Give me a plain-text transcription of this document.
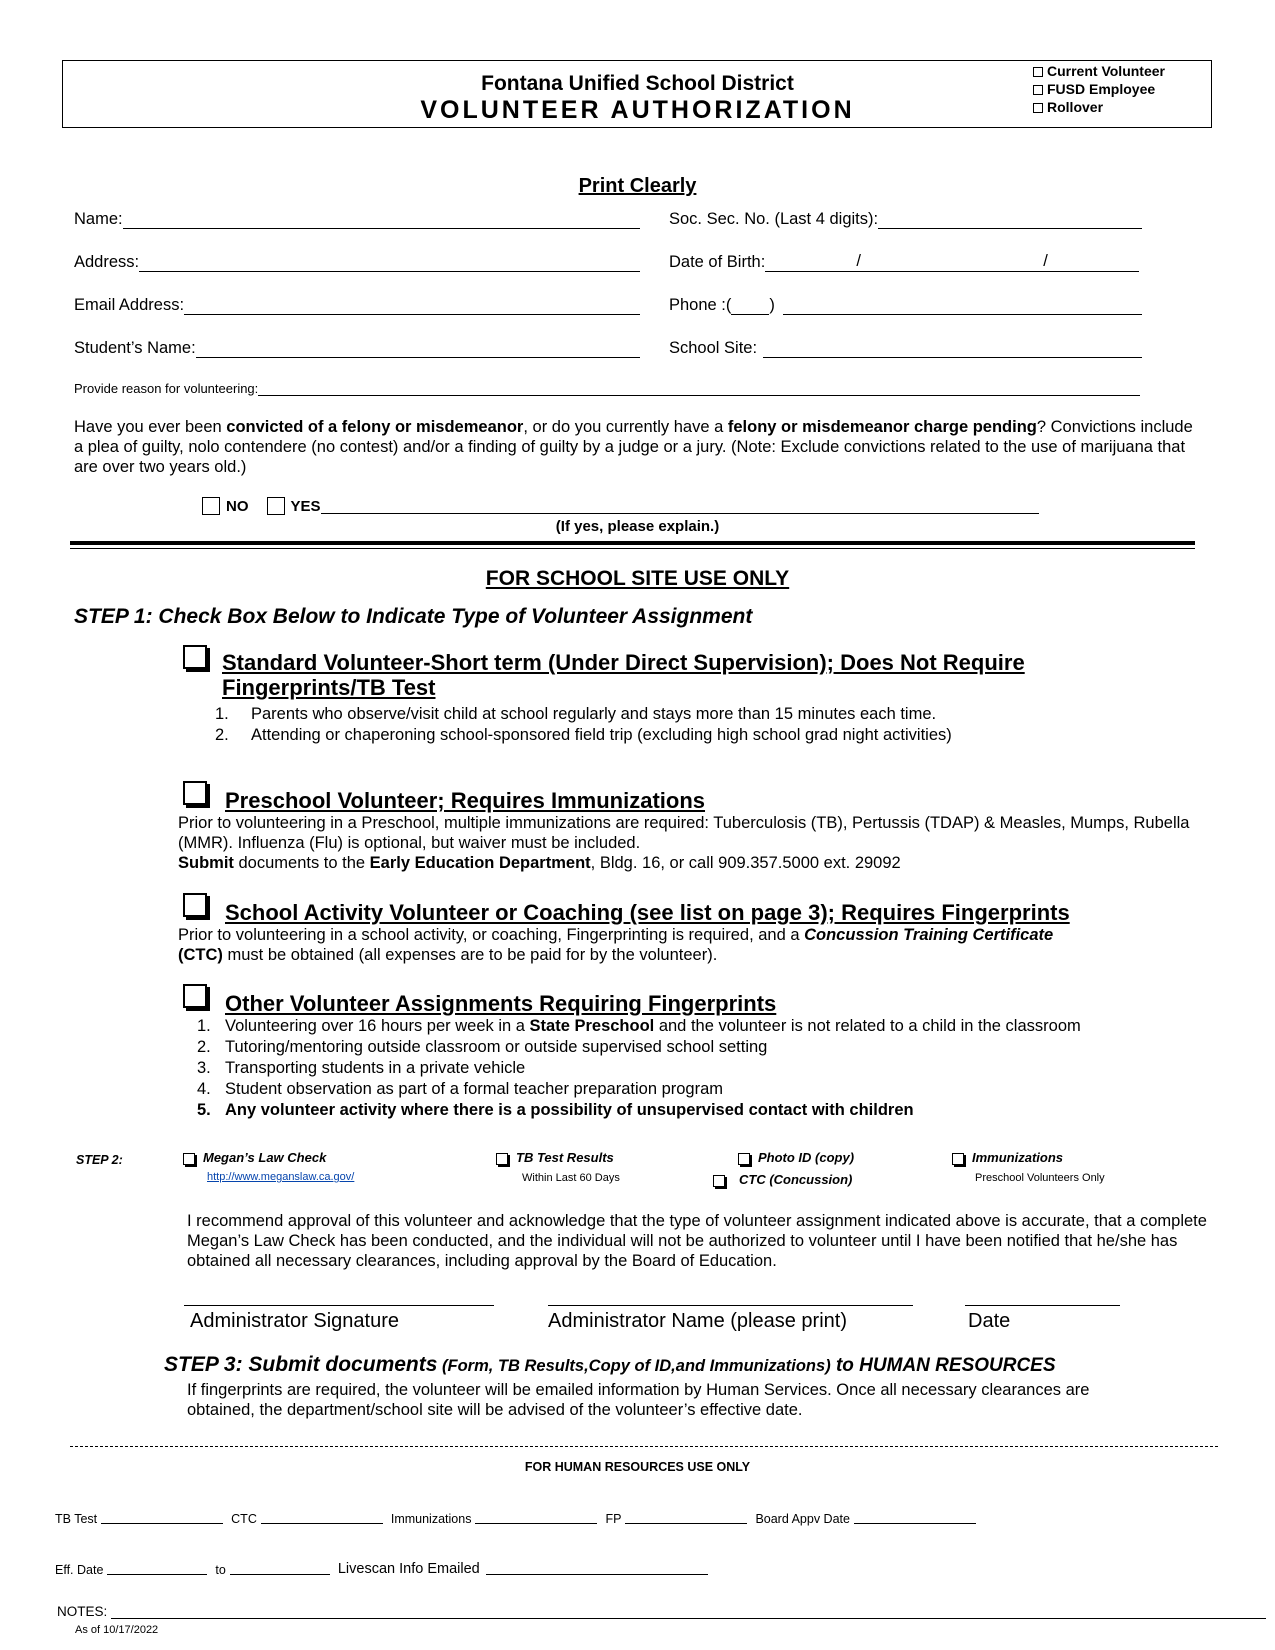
Fontana Unified School District
VOLUNTEER AUTHORIZATION
Current Volunteer
FUSD Employee
Rollover
Print Clearly
Name:	Soc. Sec. No. (Last 4 digits):
Address:	Date of Birth:	/	/
Email Address:	Phone :( )
Student’s Name:	School Site:
Provide reason for volunteering:
Have you ever been convicted of a felony or misdemeanor, or do you currently have a felony or misdemeanor charge pending? Convictions include a plea of guilty, nolo contendere (no contest) and/or a finding of guilty by a judge or a jury. (Note: Exclude convictions related to the use of marijuana that are over two years old.)
NO	YES
(If yes, please explain.)
FOR SCHOOL SITE USE ONLY
STEP 1: Check Box Below to Indicate Type of Volunteer Assignment
Standard Volunteer-Short term (Under Direct Supervision); Does Not Require
Fingerprints/TB Test
1. Parents who observe/visit child at school regularly and stays more than 15 minutes each time.
2. Attending or chaperoning school-sponsored field trip (excluding high school grad night activities)
Preschool Volunteer; Requires Immunizations
Prior to volunteering in a Preschool, multiple immunizations are required: Tuberculosis (TB), Pertussis (TDAP) & Measles, Mumps, Rubella (MMR). Influenza (Flu) is optional, but waiver must be included.
Submit documents to the Early Education Department, Bldg. 16, or call 909.357.5000 ext. 29092
School Activity Volunteer or Coaching (see list on page 3); Requires Fingerprints
Prior to volunteering in a school activity, or coaching, Fingerprinting is required, and a Concussion Training Certificate (CTC) must be obtained (all expenses are to be paid for by the volunteer).
Other Volunteer Assignments Requiring Fingerprints
1. Volunteering over 16 hours per week in a State Preschool and the volunteer is not related to a child in the classroom
2. Tutoring/mentoring outside classroom or outside supervised school setting
3. Transporting students in a private vehicle
4. Student observation as part of a formal teacher preparation program
5. Any volunteer activity where there is a possibility of unsupervised contact with children
STEP 2:	Megan’s Law Check
http://www.meganslaw.ca.gov/
TB Test Results
Within Last 60 Days
Photo ID (copy)
CTC (Concussion)
Immunizations
Preschool Volunteers Only
I recommend approval of this volunteer and acknowledge that the type of volunteer assignment indicated above is accurate, that a complete Megan’s Law Check has been conducted, and the individual will not be authorized to volunteer until I have been notified that he/she has obtained all necessary clearances, including approval by the Board of Education.
Administrator Signature	Administrator Name (please print)	Date
STEP 3: Submit documents (Form, TB Results,Copy of ID,and Immunizations) to HUMAN RESOURCES
If fingerprints are required, the volunteer will be emailed information by Human Services. Once all necessary clearances are obtained, the department/school site will be advised of the volunteer’s effective date.
FOR HUMAN RESOURCES USE ONLY
TB Test	CTC	Immunizations	FP	Board Appv Date
Eff. Date	to	Livescan Info Emailed
NOTES:
As of 10/17/2022
